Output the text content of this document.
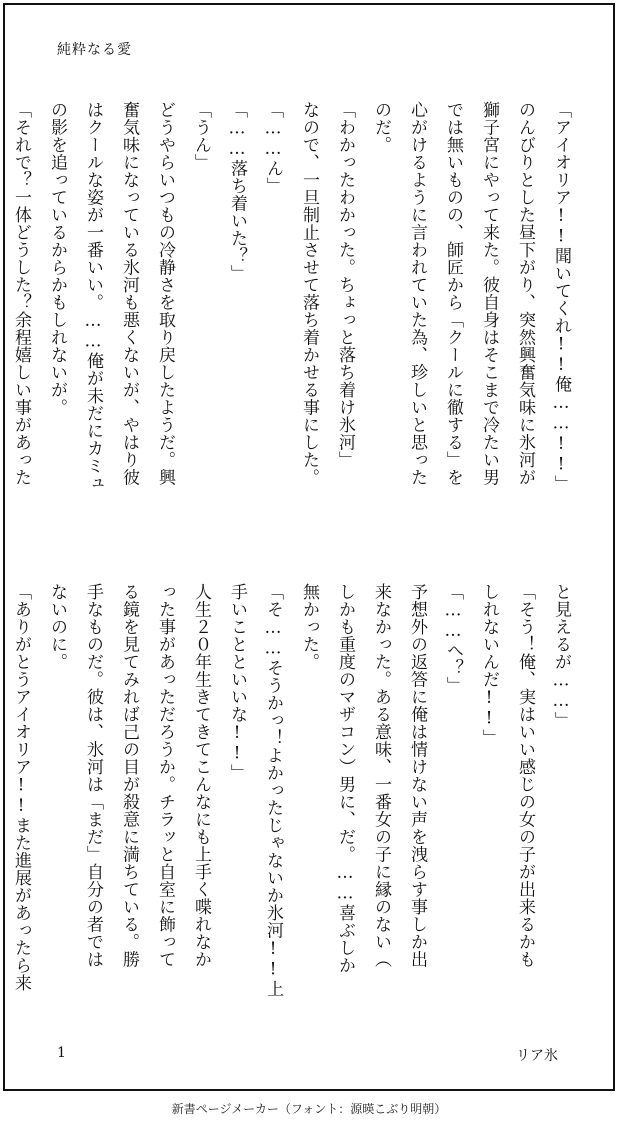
純粋なる愛

「アイオリア!!聞いてくれ!!俺……!!」

のんびりとした昼下がり、突然興奮気味に氷河が

獅子宮にやって来た。彼自身はそこまで冷たい男

では無いものの、師匠から「クールに徹する」を

心がけるように言われていた為、珍しいと思った

のだ。

「わかったわかった。ちょっと落ち着け氷河」

なので、一旦制止させて落ち着かせる事にした。

「……ん」

「……落ち着いた？」

「うん」

どうやらいつもの冷静さを取り戻したようだ。興

奮気味になっている氷河も悪くないが、やはり彼

はクールな姿が一番いい。……俺が未だにカミュ

の影を追っているからかもしれないが。

「それで？一体どうした？余程嬉しい事があった

と見えるが……」

「そう！俺、実はいい感じの女の子が出来るかも

しれないんだ!!」

「……へ？」

予想外の返答に俺は情けない声を洩らす事しか出

来なかった。ある意味、一番女の子に縁のない（

しかも重度のマザコン）男に、だ。……喜ぶしか

無かった。

「そ……そうかっ！よかったじゃないか氷河!!上

手いことといいな!!」

人生２０年生きてきてこんなにも上手く喋れなか

った事があっただろうか。チラッと自室に飾って

る鏡を見てみれば己の目が殺意に満ちている。勝

手なものだ。彼は、氷河は「まだ」自分の者では

ないのに。

「ありがとうアイオリア!!また進展があったら来

1	リア氷
新書ページメーカー（フォント：源暎こぶり明朝）
